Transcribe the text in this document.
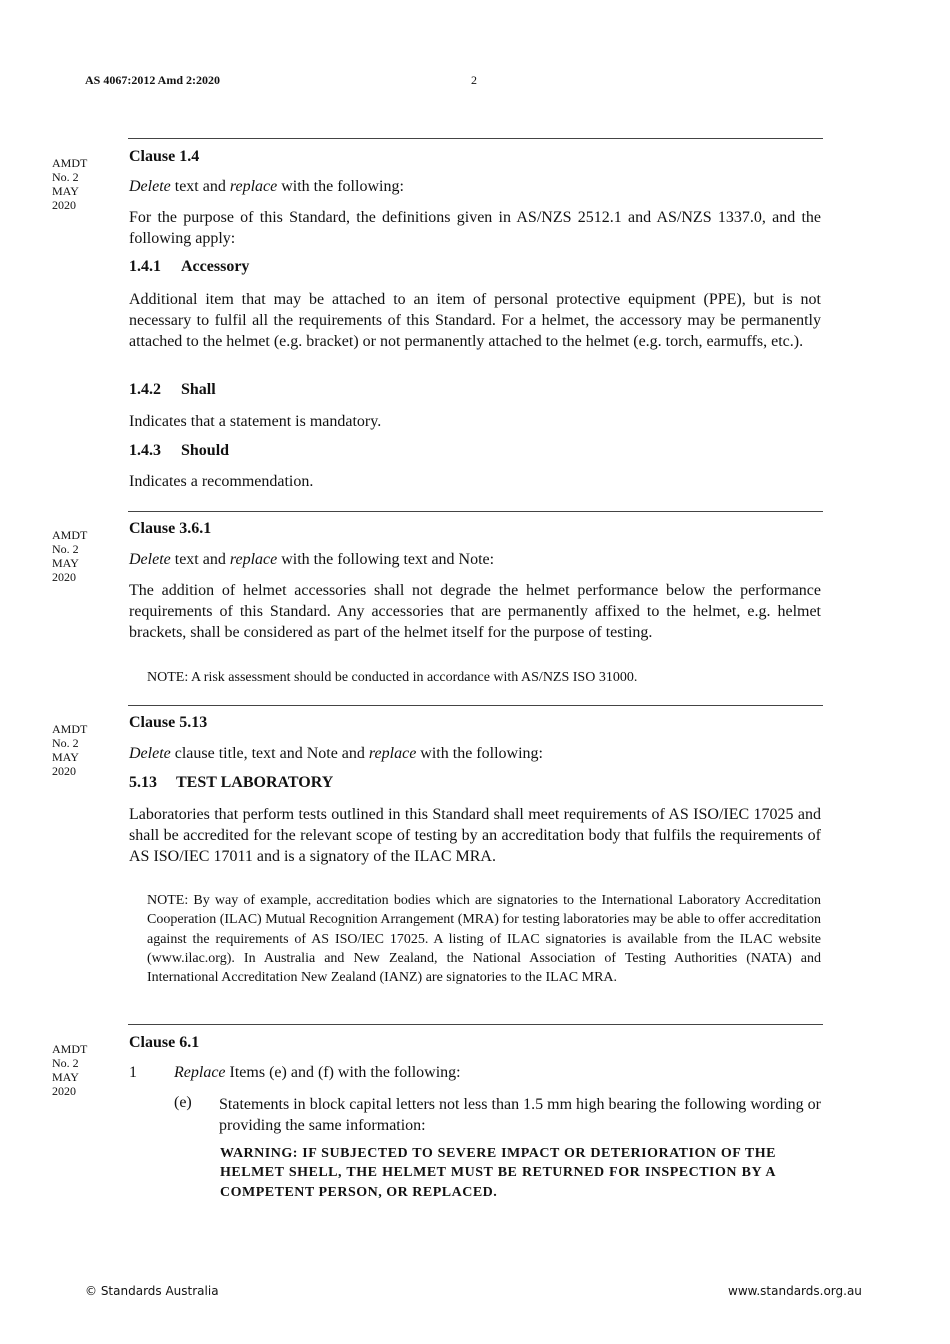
AS 4067:2012 Amd 2:2020	2
AMDT
No. 2
MAY
2020
Clause 1.4
Delete text and replace with the following:
For the purpose of this Standard, the definitions given in AS/NZS 2512.1 and AS/NZS 1337.0, and the following apply:
1.4.1 Accessory
Additional item that may be attached to an item of personal protective equipment (PPE), but is not necessary to fulfil all the requirements of this Standard. For a helmet, the accessory may be permanently attached to the helmet (e.g. bracket) or not permanently attached to the helmet (e.g. torch, earmuffs, etc.).
1.4.2 Shall
Indicates that a statement is mandatory.
1.4.3 Should
Indicates a recommendation.
AMDT
No. 2
MAY
2020
Clause 3.6.1
Delete text and replace with the following text and Note:
The addition of helmet accessories shall not degrade the helmet performance below the performance requirements of this Standard. Any accessories that are permanently affixed to the helmet, e.g. helmet brackets, shall be considered as part of the helmet itself for the purpose of testing.
NOTE: A risk assessment should be conducted in accordance with AS/NZS ISO 31000.
AMDT
No. 2
MAY
2020
Clause 5.13
Delete clause title, text and Note and replace with the following:
5.13 TEST LABORATORY
Laboratories that perform tests outlined in this Standard shall meet requirements of AS ISO/IEC 17025 and shall be accredited for the relevant scope of testing by an accreditation body that fulfils the requirements of AS ISO/IEC 17011 and is a signatory of the ILAC MRA.
NOTE: By way of example, accreditation bodies which are signatories to the International Laboratory Accreditation Cooperation (ILAC) Mutual Recognition Arrangement (MRA) for testing laboratories may be able to offer accreditation against the requirements of AS ISO/IEC 17025. A listing of ILAC signatories is available from the ILAC website (www.ilac.org). In Australia and New Zealand, the National Association of Testing Authorities (NATA) and International Accreditation New Zealand (IANZ) are signatories to the ILAC MRA.
AMDT
No. 2
MAY
2020
Clause 6.1
1 Replace Items (e) and (f) with the following:
(e) Statements in block capital letters not less than 1.5 mm high bearing the following wording or providing the same information:
WARNING: IF SUBJECTED TO SEVERE IMPACT OR DETERIORATION OF THE HELMET SHELL, THE HELMET MUST BE RETURNED FOR INSPECTION BY A COMPETENT PERSON, OR REPLACED.
© Standards Australia	www.standards.org.au
